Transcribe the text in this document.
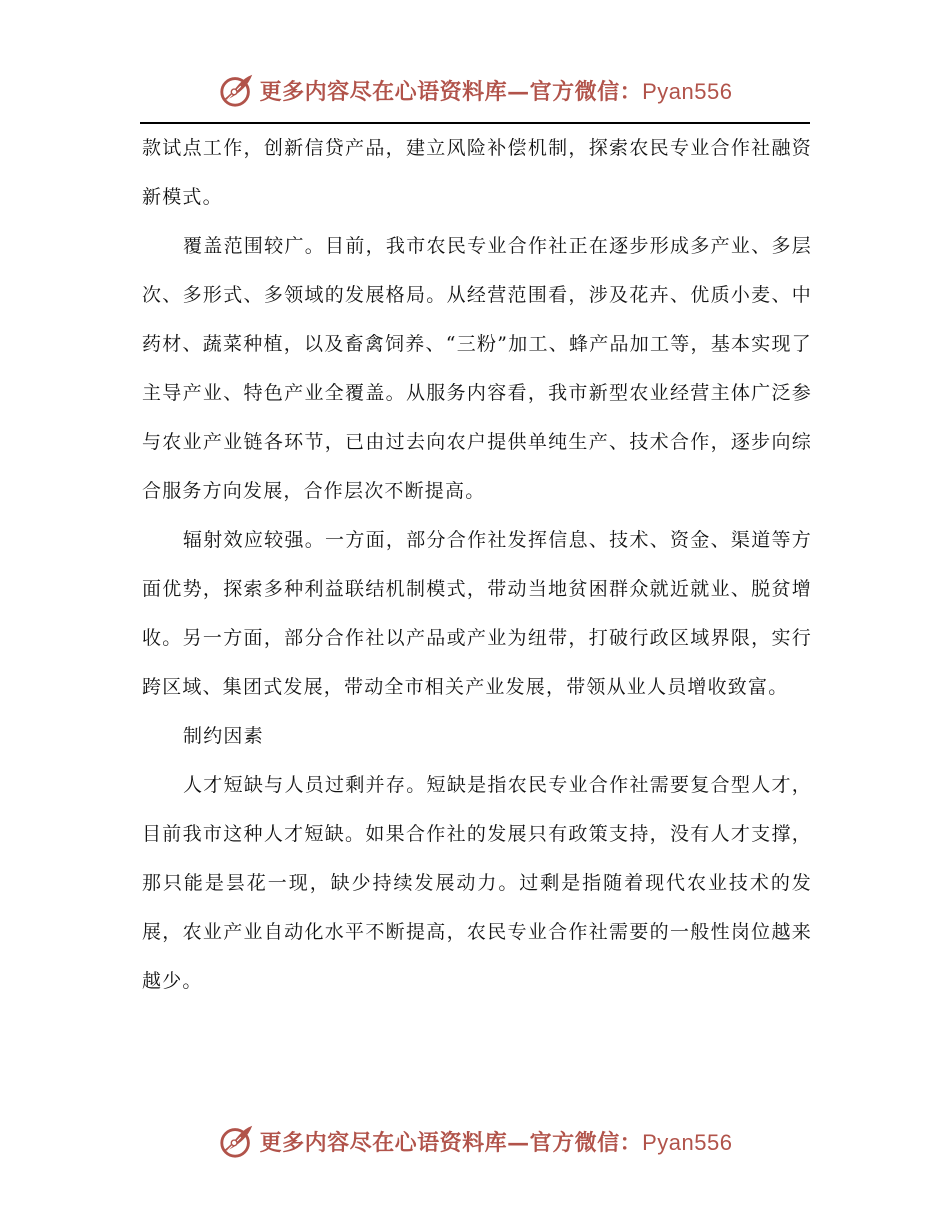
更多内容尽在心语资料库—官方微信：Pyan556

款试点工作，创新信贷产品，建立风险补偿机制，探索农民专业合作社融资新模式。

覆盖范围较广。目前，我市农民专业合作社正在逐步形成多产业、多层次、多形式、多领域的发展格局。从经营范围看，涉及花卉、优质小麦、中药材、蔬菜种植，以及畜禽饲养、“三粉”加工、蜂产品加工等，基本实现了主导产业、特色产业全覆盖。从服务内容看，我市新型农业经营主体广泛参与农业产业链各环节，已由过去向农户提供单纯生产、技术合作，逐步向综合服务方向发展，合作层次不断提高。

辐射效应较强。一方面，部分合作社发挥信息、技术、资金、渠道等方面优势，探索多种利益联结机制模式，带动当地贫困群众就近就业、脱贫增收。另一方面，部分合作社以产品或产业为纽带，打破行政区域界限，实行跨区域、集团式发展，带动全市相关产业发展，带领从业人员增收致富。

制约因素

人才短缺与人员过剩并存。短缺是指农民专业合作社需要复合型人才，目前我市这种人才短缺。如果合作社的发展只有政策支持，没有人才支撑，那只能是昙花一现，缺少持续发展动力。过剩是指随着现代农业技术的发展，农业产业自动化水平不断提高，农民专业合作社需要的一般性岗位越来越少。

更多内容尽在心语资料库—官方微信：Pyan556
